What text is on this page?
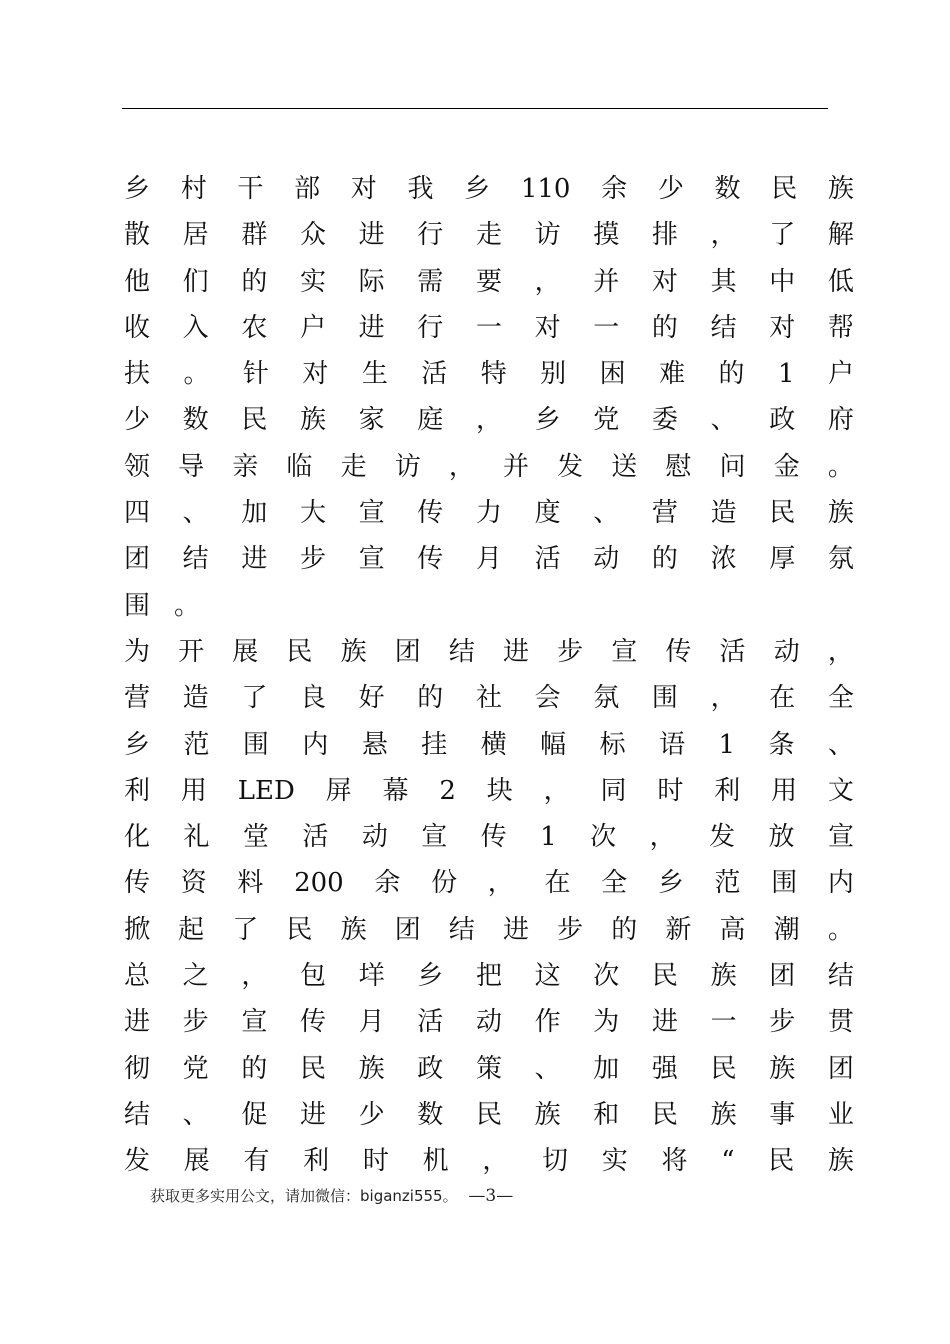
乡 村 干 部 对 我 乡 110 余 少 数 民 族
散 居 群 众 进 行 走 访 摸 排 ， 了 解
他 们 的 实 际 需 要 ， 并 对 其 中 低
收 入 农 户 进 行 一 对 一 的 结 对 帮
扶 。 针 对 生 活 特 别 困 难 的 1 户
少 数 民 族 家 庭 ， 乡 党 委 、 政 府
领 导 亲 临 走 访 ， 并 发 送 慰 问 金 。
四 、 加 大 宣 传 力 度 、 营 造 民 族
团 结 进 步 宣 传 月 活 动 的 浓 厚 氛
围 。
为 开 展 民 族 团 结 进 步 宣 传 活 动 ，
营 造 了 良 好 的 社 会 氛 围 ， 在 全
乡 范 围 内 悬 挂 横 幅 标 语 1 条 、
利 用 LED 屏 幕 2 块 ， 同 时 利 用 文
化 礼 堂 活 动 宣 传 1 次 ， 发 放 宣
传 资 料 200 余 份 ， 在 全 乡 范 围 内
掀 起 了 民 族 团 结 进 步 的 新 高 潮 。
总 之 ， 包 垟 乡 把 这 次 民 族 团 结
进 步 宣 传 月 活 动 作 为 进 一 步 贯
彻 党 的 民 族 政 策 、 加 强 民 族 团
结 、 促 进 少 数 民 族 和 民 族 事 业
发 展 有 利 时 机 ， 切 实 将 “ 民 族
获取更多实用公文，请加微信：biganzi555。 —3—
